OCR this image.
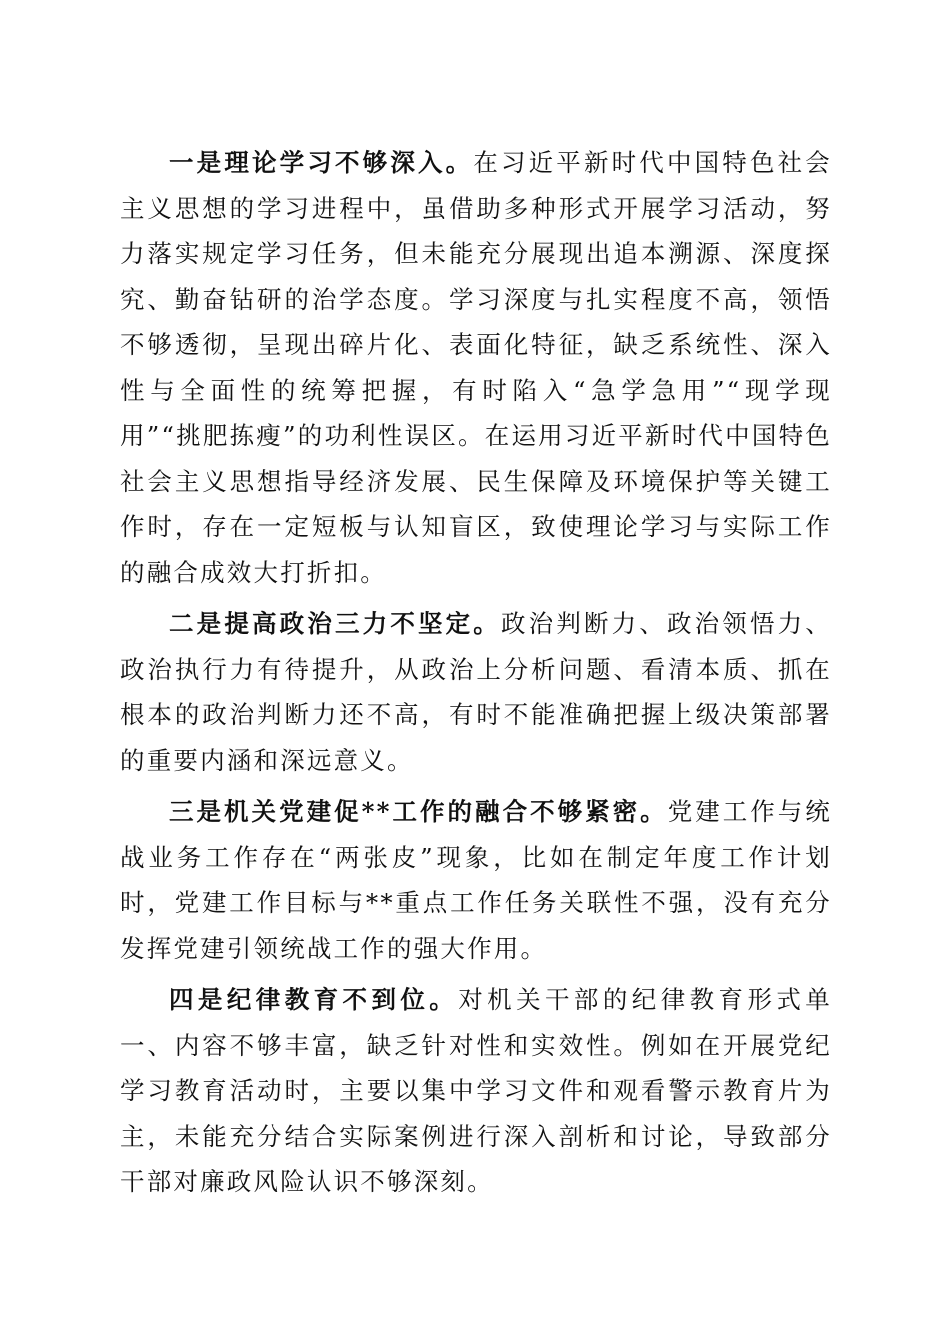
一是理论学习不够深入。在习近平新时代中国特色社会主义思想的学习进程中，虽借助多种形式开展学习活动，努力落实规定学习任务，但未能充分展现出追本溯源、深度探究、勤奋钻研的治学态度。学习深度与扎实程度不高，领悟不够透彻，呈现出碎片化、表面化特征，缺乏系统性、深入性与全面性的统筹把握，有时陷入“急学急用”“现学现用”“挑肥拣瘦”的功利性误区。在运用习近平新时代中国特色社会主义思想指导经济发展、民生保障及环境保护等关键工作时，存在一定短板与认知盲区，致使理论学习与实际工作的融合成效大打折扣。

二是提高政治三力不坚定。政治判断力、政治领悟力、政治执行力有待提升，从政治上分析问题、看清本质、抓在根本的政治判断力还不高，有时不能准确把握上级决策部署的重要内涵和深远意义。

三是机关党建促**工作的融合不够紧密。党建工作与统战业务工作存在“两张皮”现象，比如在制定年度工作计划时，党建工作目标与**重点工作任务关联性不强，没有充分发挥党建引领统战工作的强大作用。

四是纪律教育不到位。对机关干部的纪律教育形式单一、内容不够丰富，缺乏针对性和实效性。例如在开展党纪学习教育活动时，主要以集中学习文件和观看警示教育片为主，未能充分结合实际案例进行深入剖析和讨论，导致部分干部对廉政风险认识不够深刻。
